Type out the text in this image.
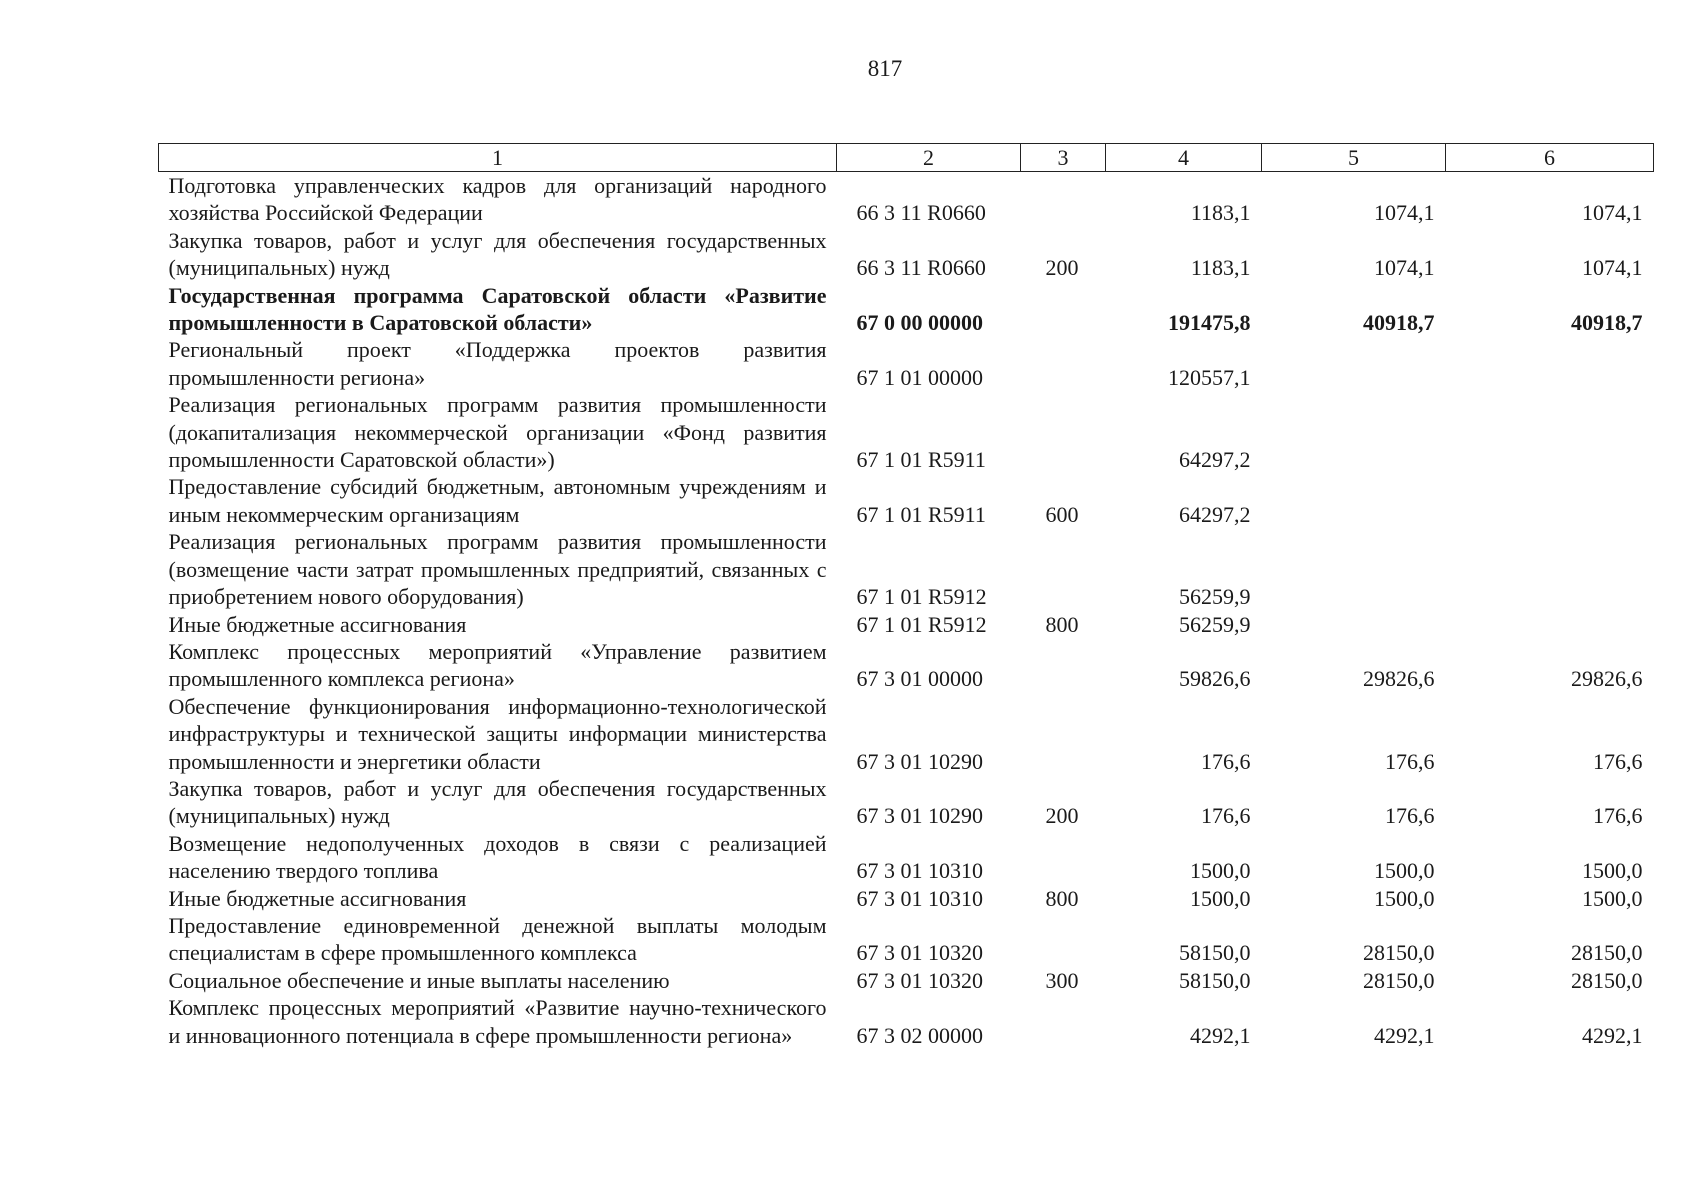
817
1	2	3	4	5	6
Подготовка управленческих кадров для организаций народного хозяйства Российской Федерации	66 3 11 R0660		1183,1	1074,1	1074,1
Закупка товаров, работ и услуг для обеспечения государственных (муниципальных) нужд	66 3 11 R0660	200	1183,1	1074,1	1074,1
Государственная программа Саратовской области «Развитие промышленности в Саратовской области»	67 0 00 00000		191475,8	40918,7	40918,7
Региональный проект «Поддержка проектов развития промышленности региона»	67 1 01 00000		120557,1		
Реализация региональных программ развития промышленности (докапитализация некоммерческой организации «Фонд развития промышленности Саратовской области»)	67 1 01 R5911		64297,2		
Предоставление субсидий бюджетным, автономным учреждениям и иным некоммерческим организациям	67 1 01 R5911	600	64297,2		
Реализация региональных программ развития промышленности (возмещение части затрат промышленных предприятий, связанных с приобретением нового оборудования)	67 1 01 R5912		56259,9		
Иные бюджетные ассигнования	67 1 01 R5912	800	56259,9		
Комплекс процессных мероприятий «Управление развитием промышленного комплекса региона»	67 3 01 00000		59826,6	29826,6	29826,6
Обеспечение функционирования информационно-технологической инфраструктуры и технической защиты информации министерства промышленности и энергетики области	67 3 01 10290		176,6	176,6	176,6
Закупка товаров, работ и услуг для обеспечения государственных (муниципальных) нужд	67 3 01 10290	200	176,6	176,6	176,6
Возмещение недополученных доходов в связи с реализацией населению твердого топлива	67 3 01 10310		1500,0	1500,0	1500,0
Иные бюджетные ассигнования	67 3 01 10310	800	1500,0	1500,0	1500,0
Предоставление единовременной денежной выплаты молодым специалистам в сфере промышленного комплекса	67 3 01 10320		58150,0	28150,0	28150,0
Социальное обеспечение и иные выплаты населению	67 3 01 10320	300	58150,0	28150,0	28150,0
Комплекс процессных мероприятий «Развитие научно-технического и инновационного потенциала в сфере промышленности региона»	67 3 02 00000		4292,1	4292,1	4292,1
